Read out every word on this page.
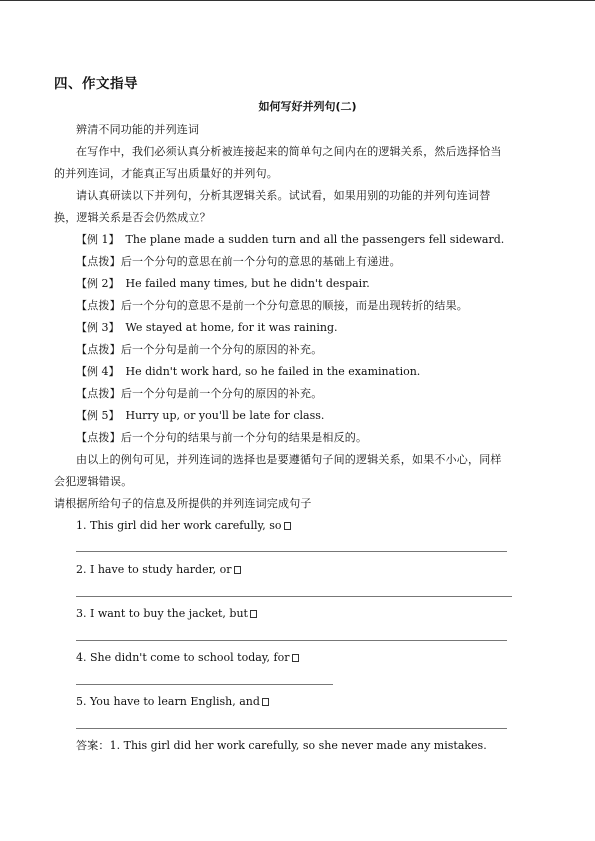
四、作文指导
如何写好并列句(二)
辨清不同功能的并列连词
在写作中，我们必须认真分析被连接起来的简单句之间内在的逻辑关系，然后选择恰当
的并列连词，才能真正写出质量好的并列句。
请认真研读以下并列句，分析其逻辑关系。试试看，如果用别的功能的并列句连词替
换，逻辑关系是否会仍然成立？
【例 1】 The plane made a sudden turn and all the passengers fell sideward.
【点拨】后一个分句的意思在前一个分句的意思的基础上有递进。
【例 2】 He failed many times, but he didn't despair.
【点拨】后一个分句的意思不是前一个分句意思的顺接，而是出现转折的结果。
【例 3】 We stayed at home, for it was raining.
【点拨】后一个分句是前一个分句的原因的补充。
【例 4】 He didn't work hard, so he failed in the examination.
【点拨】后一个分句是前一个分句的原因的补充。
【例 5】 Hurry up, or you'll be late for class.
【点拨】后一个分句的结果与前一个分句的结果是相反的。
由以上的例句可见，并列连词的选择也是要遵循句子间的逻辑关系，如果不小心，同样
会犯逻辑错误。
请根据所给句子的信息及所提供的并列连词完成句子
1. This girl did her work carefully, so
2. I have to study harder, or
3. I want to buy the jacket, but
4. She didn't come to school today, for
5. You have to learn English, and
答案：1. This girl did her work carefully, so she never made any mistakes.
